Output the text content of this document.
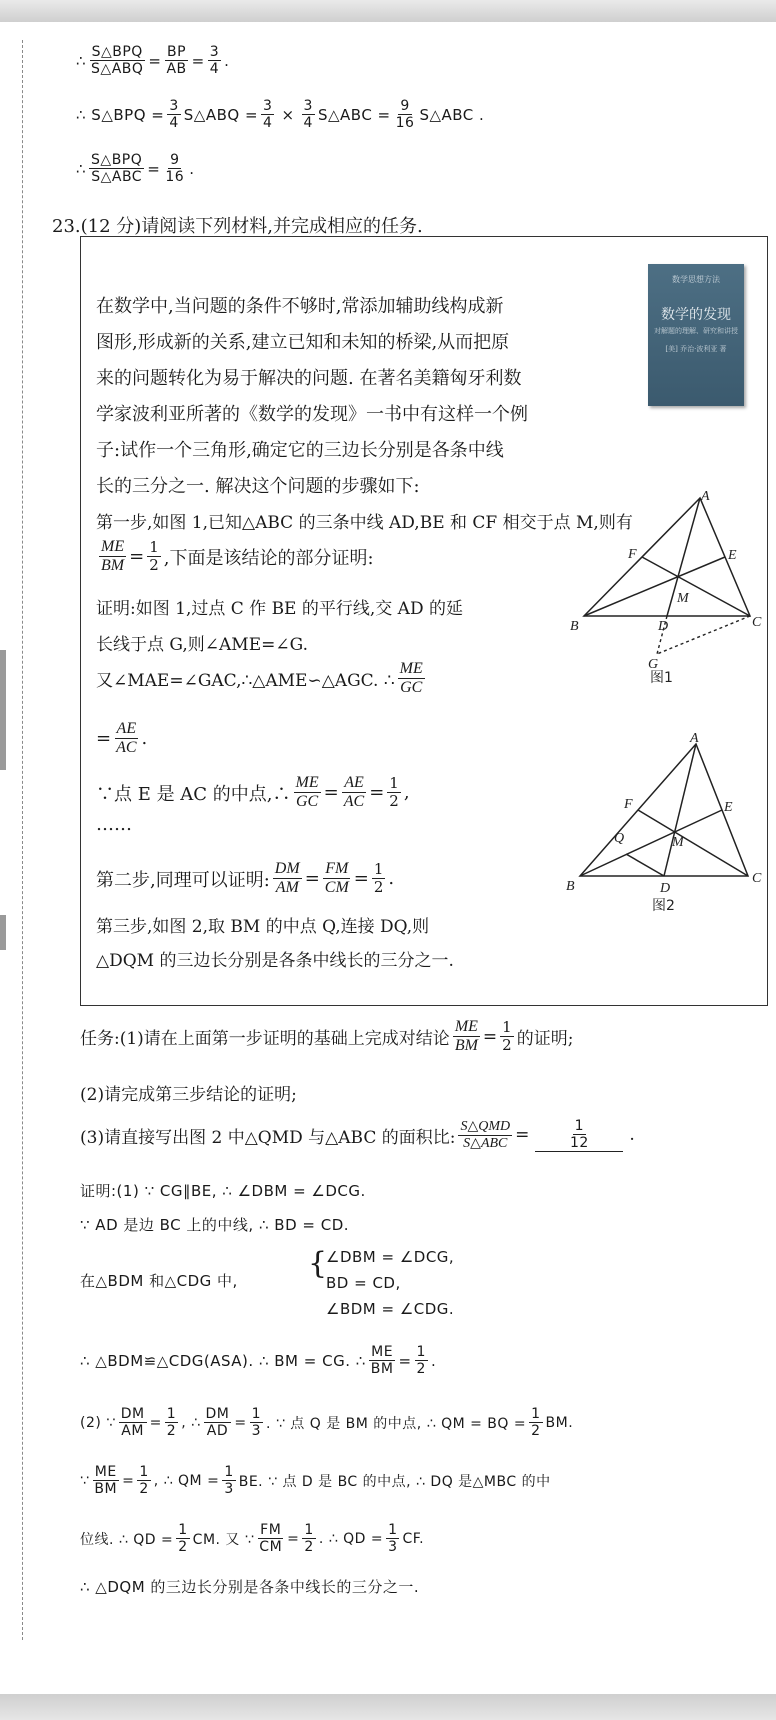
∴ $\frac{\text{S△BPQ}}{\text{S△ABQ}} = \frac{BP}{AB} = \frac{3}{4}$ .
∴ S△BPQ = $\frac{3}{4}$ S△ABQ = $\frac{3}{4} \times \frac{3}{4}$ S△ABC = $\frac{9}{16}$ S△ABC .
∴ $\frac{\text{S△BPQ}}{\text{S△ABC}} = \frac{9}{16}$ .
23.(12 分)请阅读下列材料,并完成相应的任务.
数学思想方法
数学的发现
对解题的理解、研究和讲授
[美] 乔治·波利亚 著
在数学中,当问题的条件不够时,常添加辅助线构成新
图形,形成新的关系,建立已知和未知的桥梁,从而把原
来的问题转化为易于解决的问题. 在著名美籍匈牙利数
学家波利亚所著的《数学的发现》一书中有这样一个例
子:试作一个三角形,确定它的三边长分别是各条中线
长的三分之一. 解决这个问题的步骤如下:
第一步,如图 1,已知△ABC 的三条中线 AD,BE 和 CF 相交于点 M,则有
$\frac{ME}{BM} = \frac{1}{2}$ ,下面是该结论的部分证明:
证明:如图 1,过点 C 作 BE 的平行线,交 AD 的延
长线于点 G,则∠AME=∠G.
又∠MAE=∠GAC,∴△AME∽△AGC. ∴ $\frac{ME}{GC}$
= $\frac{AE}{AC}$ .
∵点 E 是 AC 的中点,∴ $\frac{ME}{GC} = \frac{AE}{AC} = \frac{1}{2}$ ,
……
第二步,同理可以证明: $\frac{DM}{AM} = \frac{FM}{CM} = \frac{1}{2}$ .
第三步,如图 2,取 BM 的中点 Q,连接 DQ,则
△DQM 的三边长分别是各条中线长的三分之一.
A
B	C
D
E
F
M
G
图1
A
B
C
D
E
F
M
Q
图2
任务:(1)请在上面第一步证明的基础上完成对结论 $\frac{ME}{BM} = \frac{1}{2}$ 的证明;
(2)请完成第三步结论的证明;
(3)请直接写出图 2 中△QMD 与△ABC 的面积比: $\frac{\text{S△QMD}}{\text{S△ABC}}$ =	$\frac{1}{12}$ .
证明:(1) ∵ CG∥BE, ∴ ∠DBM = ∠DCG.
∵ AD 是边 BC 上的中线, ∴ BD = CD.
在△BDM 和△CDG 中, {
∠DBM = ∠DCG,
BD = CD,
∠BDM = ∠CDG.
∴ △BDM≌△CDG(ASA). ∴ BM = CG. ∴ $\frac{ME}{BM} = \frac{1}{2}$ .
(2) ∵ $\frac{DM}{AM} = \frac{1}{2}$ , ∴ $\frac{DM}{AD} = \frac{1}{3}$ . ∵ 点 Q 是 BM 的中点, ∴ QM = BQ = $\frac{1}{2}$ BM.
∵ $\frac{ME}{BM} = \frac{1}{2}$ , ∴ QM = $\frac{1}{3}$ BE. ∵ 点 D 是 BC 的中点, ∴ DQ 是△MBC 的中
位线. ∴ QD = $\frac{1}{2}$ CM. 又 ∵ $\frac{FM}{CM} = \frac{1}{2}$ . ∴ QD = $\frac{1}{3}$ CF.
∴ △DQM 的三边长分别是各条中线长的三分之一.
